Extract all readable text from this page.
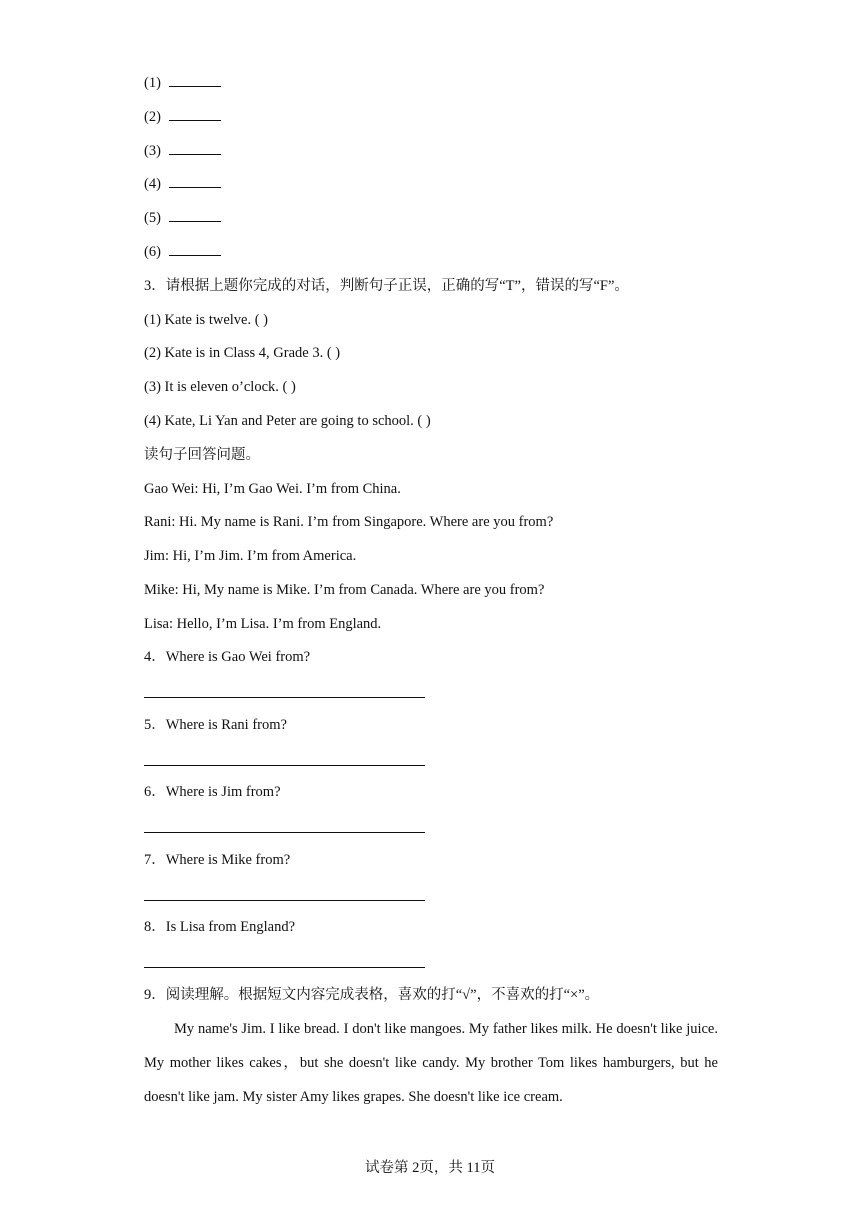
(1)
(2)
(3)
(4)
(5)
(6)
3．请根据上题你完成的对话，判断句子正误，正确的写“T”，错误的写“F”。
(1) Kate is twelve. ( )
(2) Kate is in Class 4, Grade 3. ( )
(3) It is eleven o’clock. ( )
(4) Kate, Li Yan and Peter are going to school. ( )
读句子回答问题。
Gao Wei: Hi, I’m Gao Wei. I’m from China.
Rani: Hi. My name is Rani. I’m from Singapore. Where are you from?
Jim: Hi, I’m Jim. I’m from America.
Mike: Hi, My name is Mike. I’m from Canada. Where are you from?
Lisa: Hello, I’m Lisa. I’m from England.
4．Where is Gao Wei from?
5．Where is Rani from?
6．Where is Jim from?
7．Where is Mike from?
8．Is Lisa from England?
9．阅读理解。根据短文内容完成表格，喜欢的打“√”，不喜欢的打“×”。
My name's Jim. I like bread. I don't like mangoes. My father likes milk. He doesn't like juice. My mother likes cakes，but she doesn't like candy. My brother Tom likes hamburgers, but he doesn't like jam. My sister Amy likes grapes. She doesn't like ice cream.
试卷第 2页，共 11页
